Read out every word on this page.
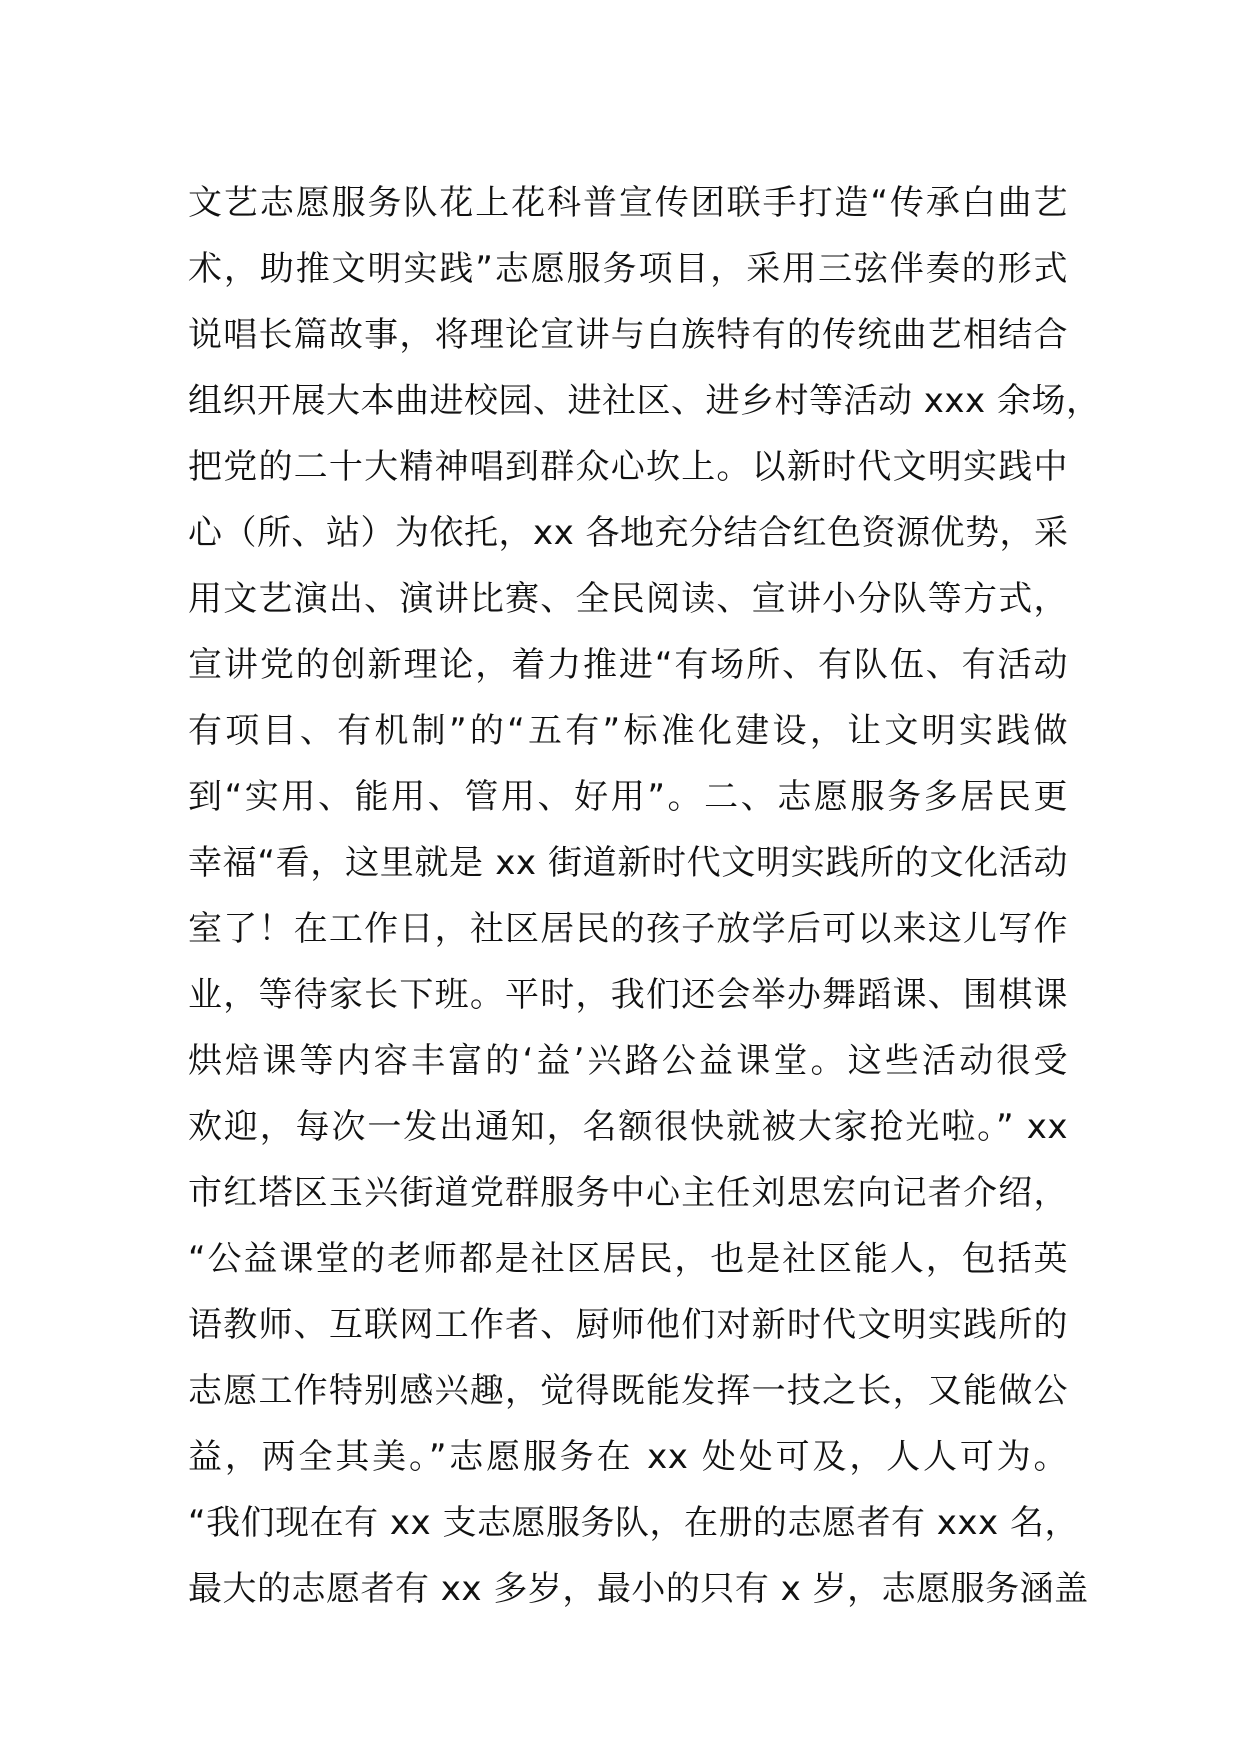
文艺志愿服务队花上花科普宣传团联手打造“传承白曲艺
术，助推文明实践”志愿服务项目，采用三弦伴奏的形式
说唱长篇故事，将理论宣讲与白族特有的传统曲艺相结合
组织开展大本曲进校园、进社区、进乡村等活动 xxx 余场，
把党的二十大精神唱到群众心坎上。以新时代文明实践中
心（所、站）为依托，xx 各地充分结合红色资源优势，采
用文艺演出、演讲比赛、全民阅读、宣讲小分队等方式，
宣讲党的创新理论，着力推进“有场所、有队伍、有活动
有项目、有机制”的“五有”标准化建设，让文明实践做
到“实用、能用、管用、好用”。二、志愿服务多居民更
幸福“看，这里就是 xx 街道新时代文明实践所的文化活动
室了！在工作日，社区居民的孩子放学后可以来这儿写作
业，等待家长下班。平时，我们还会举办舞蹈课、围棋课
烘焙课等内容丰富的‘益’兴路公益课堂。这些活动很受
欢迎，每次一发出通知，名额很快就被大家抢光啦。” xx
市红塔区玉兴街道党群服务中心主任刘思宏向记者介绍，
“公益课堂的老师都是社区居民，也是社区能人，包括英
语教师、互联网工作者、厨师他们对新时代文明实践所的
志愿工作特别感兴趣，觉得既能发挥一技之长，又能做公
益，两全其美。”志愿服务在 xx 处处可及，人人可为。
“我们现在有 xx 支志愿服务队，在册的志愿者有 xxx 名，
最大的志愿者有 xx 多岁，最小的只有 x 岁，志愿服务涵盖
